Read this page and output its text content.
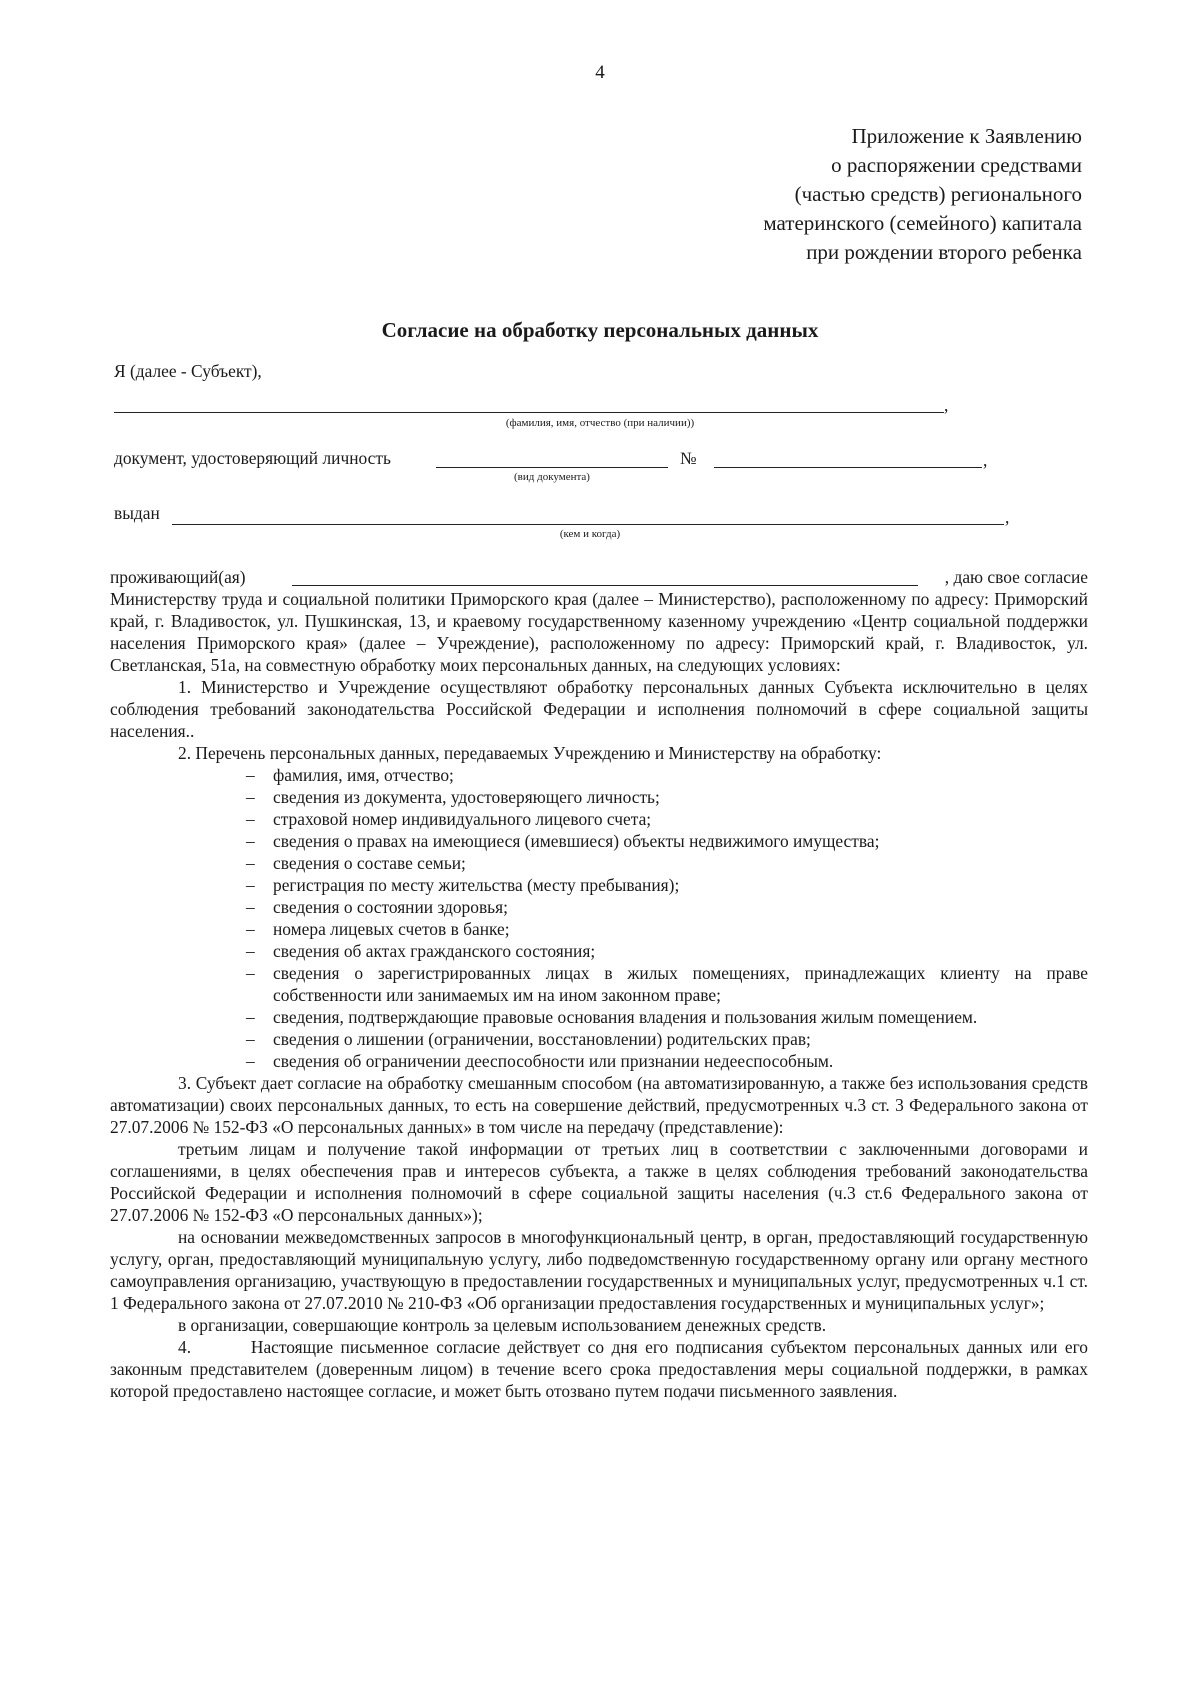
4
Приложение к Заявлению
о распоряжении средствами
(частью средств) регионального
материнского (семейного) капитала
при рождении второго ребенка
Согласие на обработку персональных данных
Я (далее - Субъект),
,
(фамилия, имя, отчество (при наличии))
документ, удостоверяющий личность
(вид документа)
№	,
выдан	,
(кем и когда)
проживающий(ая)	, даю свое согласие

Министерству труда и социальной политики Приморского края (далее – Министерство), расположенному по адресу: Приморский край, г. Владивосток, ул. Пушкинская, 13, и краевому государственному казенному учреждению «Центр социальной поддержки населения Приморского края» (далее – Учреждение), расположенному по адресу: Приморский край, г. Владивосток, ул. Светланская, 51а, на совместную обработку моих персональных данных, на следующих условиях:

1. Министерство и Учреждение осуществляют обработку персональных данных Субъекта исключительно в целях соблюдения требований законодательства Российской Федерации и исполнения полномочий в сфере социальной защиты населения..

2. Перечень персональных данных, передаваемых Учреждению и Министерству на обработку:

– фамилия, имя, отчество;
– сведения из документа, удостоверяющего личность;
– страховой номер индивидуального лицевого счета;
– сведения о правах на имеющиеся (имевшиеся) объекты недвижимого имущества;
– сведения о составе семьи;
– регистрация по месту жительства (месту пребывания);
– сведения о состоянии здоровья;
– номера лицевых счетов в банке;
– сведения об актах гражданского состояния;
– сведения о зарегистрированных лицах в жилых помещениях, принадлежащих клиенту на праве собственности или занимаемых им на ином законном праве;
– сведения, подтверждающие правовые основания владения и пользования жилым помещением.
– сведения о лишении (ограничении, восстановлении) родительских прав;
– сведения об ограничении дееспособности или признании недееспособным.

3. Субъект дает согласие на обработку смешанным способом (на автоматизированную, а также без использования средств автоматизации) своих персональных данных, то есть на совершение действий, предусмотренных ч.3 ст. 3 Федерального закона от 27.07.2006 № 152-ФЗ «О персональных данных» в том числе на передачу (представление):

третьим лицам и получение такой информации от третьих лиц в соответствии с заключенными договорами и соглашениями, в целях обеспечения прав и интересов субъекта, а также в целях соблюдения требований законодательства Российской Федерации и исполнения полномочий в сфере социальной защиты населения (ч.3 ст.6 Федерального закона от 27.07.2006 № 152-ФЗ «О персональных данных»);

на основании межведомственных запросов в многофункциональный центр, в орган, предоставляющий государственную услугу, орган, предоставляющий муниципальную услугу, либо подведомственную государственному органу или органу местного самоуправления организацию, участвующую в предоставлении государственных и муниципальных услуг, предусмотренных ч.1 ст. 1 Федерального закона от 27.07.2010 № 210-ФЗ «Об организации предоставления государственных и муниципальных услуг»;

в организации, совершающие контроль за целевым использованием денежных средств.

4.        Настоящие письменное согласие действует со дня его подписания субъектом персональных данных или его законным представителем (доверенным лицом) в течение всего срока предоставления меры социальной поддержки, в рамках которой предоставлено настоящее согласие, и может быть отозвано путем подачи письменного заявления.
